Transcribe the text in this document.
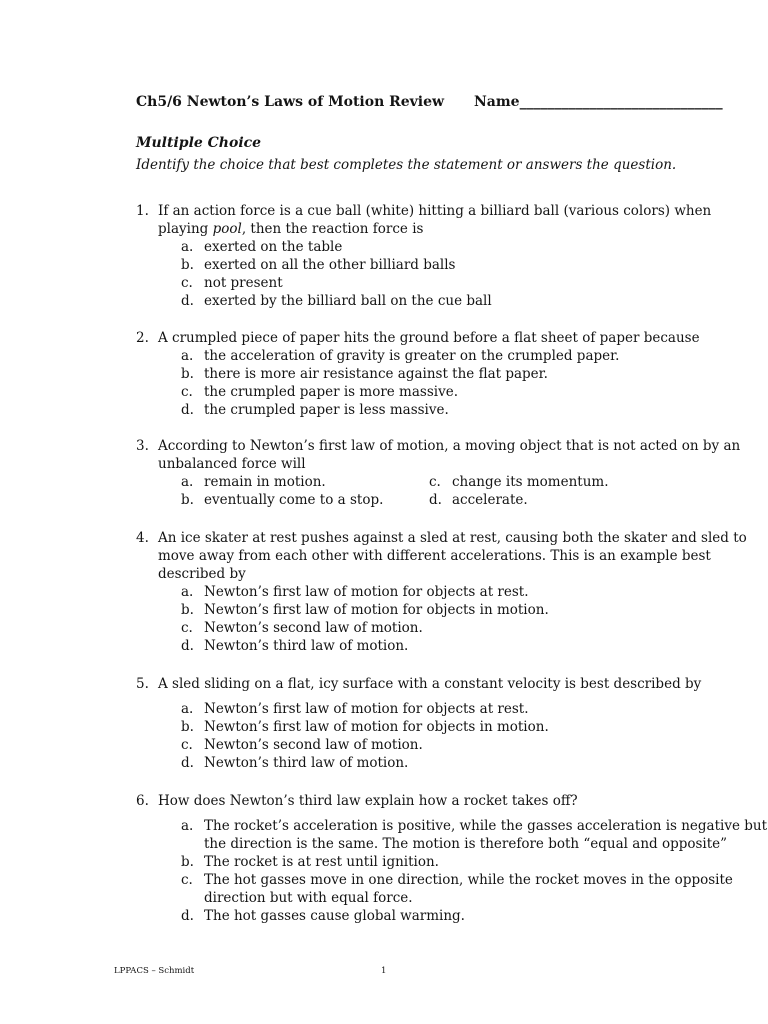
Ch5/6 Newton’s Laws of Motion Review Name_____________________________
Multiple Choice
Identify the choice that best completes the statement or answers the question.
1. If an action force is a cue ball (white) hitting a billiard ball (various colors) when
playing pool, then the reaction force is
a. exerted on the table
b. exerted on all the other billiard balls
c. not present
d. exerted by the billiard ball on the cue ball
2. A crumpled piece of paper hits the ground before a flat sheet of paper because
a. the acceleration of gravity is greater on the crumpled paper.
b. there is more air resistance against the flat paper.
c. the crumpled paper is more massive.
d. the crumpled paper is less massive.
3. According to Newton’s first law of motion, a moving object that is not acted on by an
unbalanced force will
a. remain in motion.	c. change its momentum.
b. eventually come to a stop.	d. accelerate.
4. An ice skater at rest pushes against a sled at rest, causing both the skater and sled to
move away from each other with different accelerations. This is an example best
described by
a. Newton’s first law of motion for objects at rest.
b. Newton’s first law of motion for objects in motion.
c. Newton’s second law of motion.
d. Newton’s third law of motion.
5. A sled sliding on a flat, icy surface with a constant velocity is best described by
a. Newton’s first law of motion for objects at rest.
b. Newton’s first law of motion for objects in motion.
c. Newton’s second law of motion.
d. Newton’s third law of motion.
6. How does Newton’s third law explain how a rocket takes off?
a. The rocket’s acceleration is positive, while the gasses acceleration is negative but
the direction is the same. The motion is therefore both “equal and opposite”
b. The rocket is at rest until ignition.
c. The hot gasses move in one direction, while the rocket moves in the opposite
direction but with equal force.
d. The hot gasses cause global warming.
LPPACS – Schmidt	1
